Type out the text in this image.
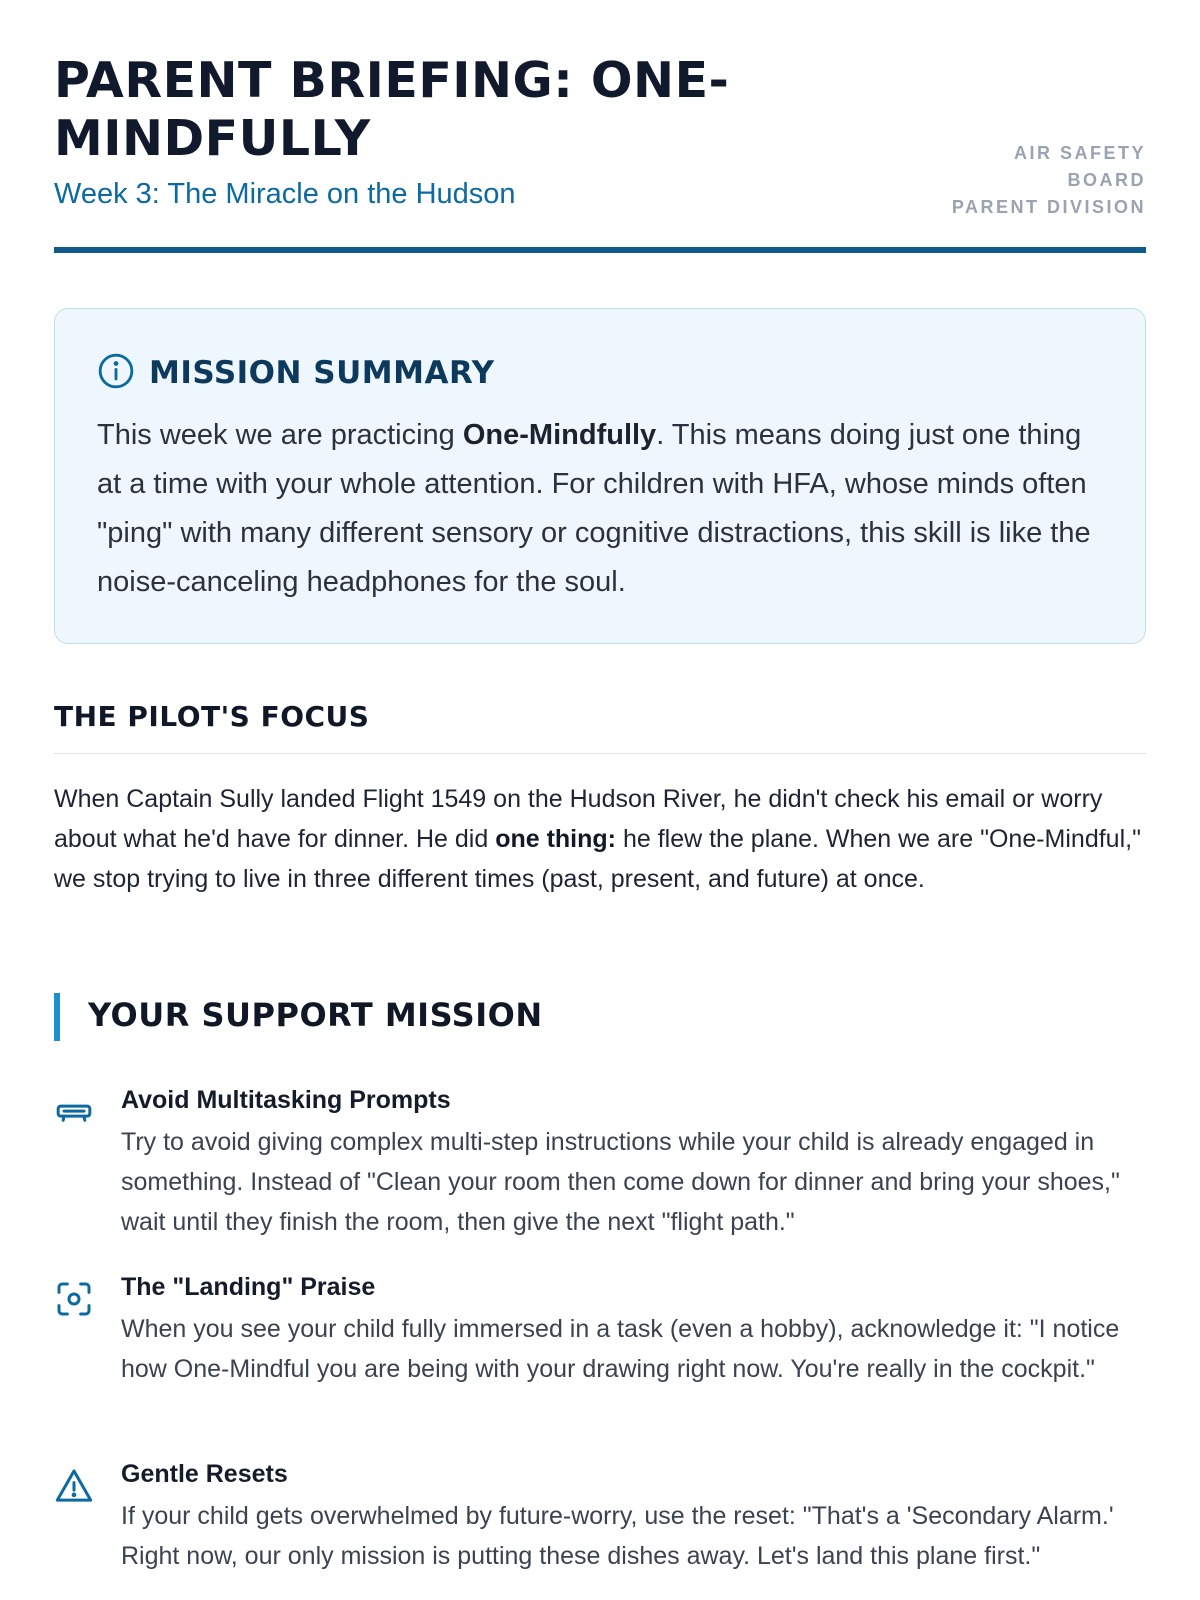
PARENT BRIEFING: ONE-MINDFULLY
Week 3: The Miracle on the Hudson
AIR SAFETY
BOARD
PARENT DIVISION
MISSION SUMMARY

This week we are practicing One-Mindfully. This means doing just one thing at a time with your whole attention. For children with HFA, whose minds often "ping" with many different sensory or cognitive distractions, this skill is like the noise-canceling headphones for the soul.

THE PILOT'S FOCUS

When Captain Sully landed Flight 1549 on the Hudson River, he didn't check his email or worry about what he'd have for dinner. He did one thing: he flew the plane. When we are "One-Mindful," we stop trying to live in three different times (past, present, and future) at once.

YOUR SUPPORT MISSION
Avoid Multitasking Prompts

Try to avoid giving complex multi-step instructions while your child is already engaged in something. Instead of "Clean your room then come down for dinner and bring your shoes," wait until they finish the room, then give the next "flight path."

The "Landing" Praise

When you see your child fully immersed in a task (even a hobby), acknowledge it: "I notice how One-Mindful you are being with your drawing right now. You're really in the cockpit."

Gentle Resets

If your child gets overwhelmed by future-worry, use the reset: "That's a 'Secondary Alarm.' Right now, our only mission is putting these dishes away. Let's land this plane first."
